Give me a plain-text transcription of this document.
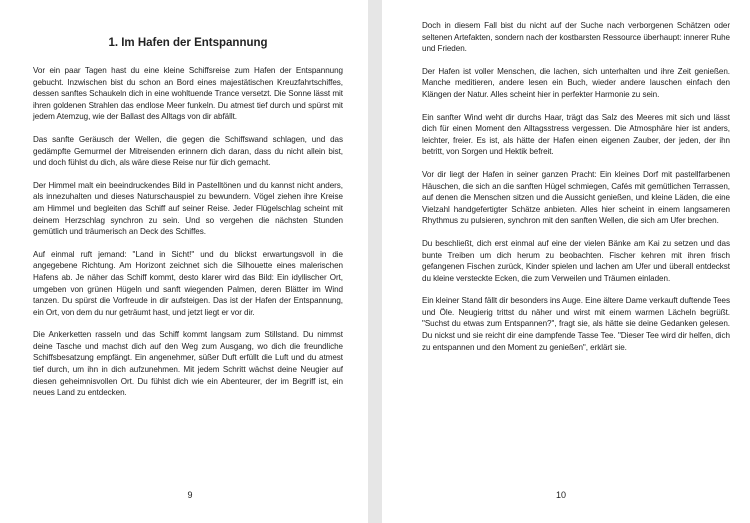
1. Im Hafen der Entspannung

Vor ein paar Tagen hast du eine kleine Schiffsreise zum Hafen der Entspannung gebucht. Inzwischen bist du schon an Bord eines majestätischen Kreuzfahrtschiffes, dessen sanftes Schaukeln dich in eine wohltuende Trance versetzt. Die Sonne lässt mit ihren goldenen Strahlen das endlose Meer funkeln. Du atmest tief durch und spürst mit jedem Atemzug, wie der Ballast des Alltags von dir abfällt.

Das sanfte Geräusch der Wellen, die gegen die Schiffswand schlagen, und das gedämpfte Gemurmel der Mitreisenden erinnern dich daran, dass du nicht allein bist, und doch fühlst du dich, als wäre diese Reise nur für dich gemacht.

Der Himmel malt ein beeindruckendes Bild in Pastelltönen und du kannst nicht anders, als innezuhalten und dieses Naturschauspiel zu bewundern. Vögel ziehen ihre Kreise am Himmel und begleiten das Schiff auf seiner Reise. Jeder Flügelschlag scheint mit deinem Herzschlag synchron zu sein. Und so vergehen die nächsten Stunden gemütlich und träumerisch an Deck des Schiffes.

Auf einmal ruft jemand: "Land in Sicht!" und du blickst erwartungsvoll in die angegebene Richtung. Am Horizont zeichnet sich die Silhouette eines malerischen Hafens ab. Je näher das Schiff kommt, desto klarer wird das Bild: Ein idyllischer Ort, umgeben von grünen Hügeln und sanft wiegenden Palmen, deren Blätter im Wind tanzen. Du spürst die Vorfreude in dir aufsteigen. Das ist der Hafen der Entspannung, ein Ort, von dem du nur geträumt hast, und jetzt liegt er vor dir.

Die Ankerketten rasseln und das Schiff kommt langsam zum Stillstand. Du nimmst deine Tasche und machst dich auf den Weg zum Ausgang, wo dich die freundliche Schiffsbesatzung empfängt. Ein angenehmer, süßer Duft erfüllt die Luft und du atmest tief durch, um ihn in dich aufzunehmen. Mit jedem Schritt wächst deine Neugier auf diesen geheimnisvollen Ort. Du fühlst dich wie ein Abenteurer, der im Begriff ist, ein neues Land zu entdecken.

9

Doch in diesem Fall bist du nicht auf der Suche nach verborgenen Schätzen oder seltenen Artefakten, sondern nach der kostbarsten Ressource überhaupt: innerer Ruhe und Frieden.

Der Hafen ist voller Menschen, die lachen, sich unterhalten und ihre Zeit genießen. Manche meditieren, andere lesen ein Buch, wieder andere lauschen einfach den Klängen der Natur. Alles scheint hier in perfekter Harmonie zu sein.

Ein sanfter Wind weht dir durchs Haar, trägt das Salz des Meeres mit sich und lässt dich für einen Moment den Alltagsstress vergessen. Die Atmosphäre hier ist anders, leichter, freier. Es ist, als hätte der Hafen einen eigenen Zauber, der jeden, der ihn betritt, von Sorgen und Hektik befreit.

Vor dir liegt der Hafen in seiner ganzen Pracht: Ein kleines Dorf mit pastellfarbenen Häuschen, die sich an die sanften Hügel schmiegen, Cafés mit gemütlichen Terrassen, auf denen die Menschen sitzen und die Aussicht genießen, und kleine Läden, die eine Vielzahl handgefertigter Schätze anbieten. Alles hier scheint in einem langsameren Rhythmus zu pulsieren, synchron mit den sanften Wellen, die sich am Ufer brechen.

Du beschließt, dich erst einmal auf eine der vielen Bänke am Kai zu setzen und das bunte Treiben um dich herum zu beobachten. Fischer kehren mit ihren frisch gefangenen Fischen zurück, Kinder spielen und lachen am Ufer und überall entdeckst du kleine versteckte Ecken, die zum Verweilen und Träumen einladen.

Ein kleiner Stand fällt dir besonders ins Auge. Eine ältere Dame verkauft duftende Tees und Öle. Neugierig trittst du näher und wirst mit einem warmen Lächeln begrüßt. "Suchst du etwas zum Entspannen?", fragt sie, als hätte sie deine Gedanken gelesen. Du nickst und sie reicht dir eine dampfende Tasse Tee. "Dieser Tee wird dir helfen, dich zu entspannen und den Moment zu genießen", erklärt sie.

10
